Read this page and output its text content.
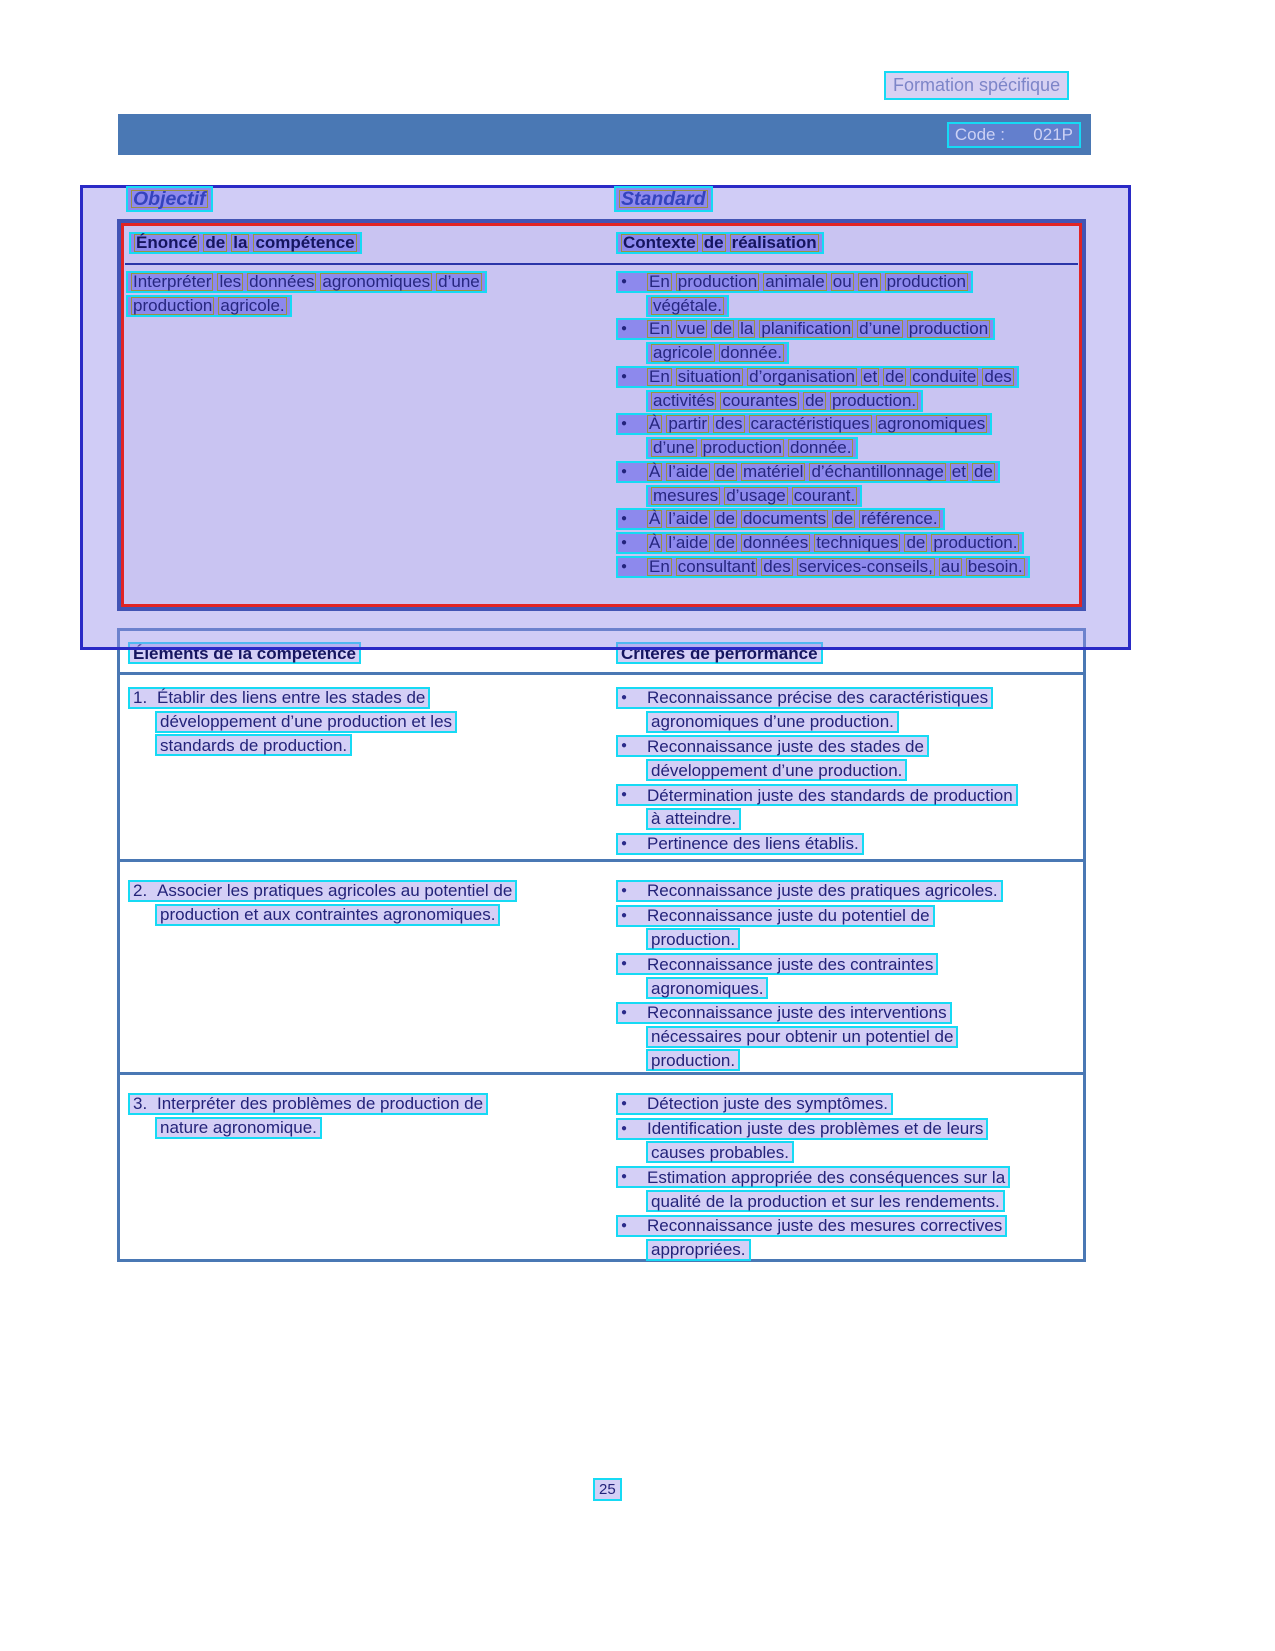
Formation spécifique
Code :      021P
Objectif	Standard
Énoncé de la compétence	Contexte de réalisation
Interpréter les données agronomiques d’une
production agricole.
●	En production animale ou en production
végétale.
●	En vue de la planification d’une production
agricole donnée.
●	En situation d’organisation et de conduite des
activités courantes de production.
●	À partir des caractéristiques agronomiques
d’une production donnée.
●	À l’aide de matériel d’échantillonnage et de
mesures d’usage courant.
●	À l’aide de documents de référence.
●	À l’aide de données techniques de production.
●	En consultant des services-conseils, au besoin.
Éléments de la compétence	Critères de performance
1. Établir des liens entre les stades de
développement d’une production et les
standards de production.
●	Reconnaissance précise des caractéristiques
agronomiques d’une production.
●	Reconnaissance juste des stades de
développement d’une production.
●	Détermination juste des standards de production
à atteindre.
●	Pertinence des liens établis.
2. Associer les pratiques agricoles au potentiel de
production et aux contraintes agronomiques.
●	Reconnaissance juste des pratiques agricoles.
●	Reconnaissance juste du potentiel de
production.
●	Reconnaissance juste des contraintes
agronomiques.
●	Reconnaissance juste des interventions
nécessaires pour obtenir un potentiel de
production.
3. Interpréter des problèmes de production de
nature agronomique.
●	Détection juste des symptômes.
●	Identification juste des problèmes et de leurs
causes probables.
●	Estimation appropriée des conséquences sur la
qualité de la production et sur les rendements.
●	Reconnaissance juste des mesures correctives
appropriées.
25
